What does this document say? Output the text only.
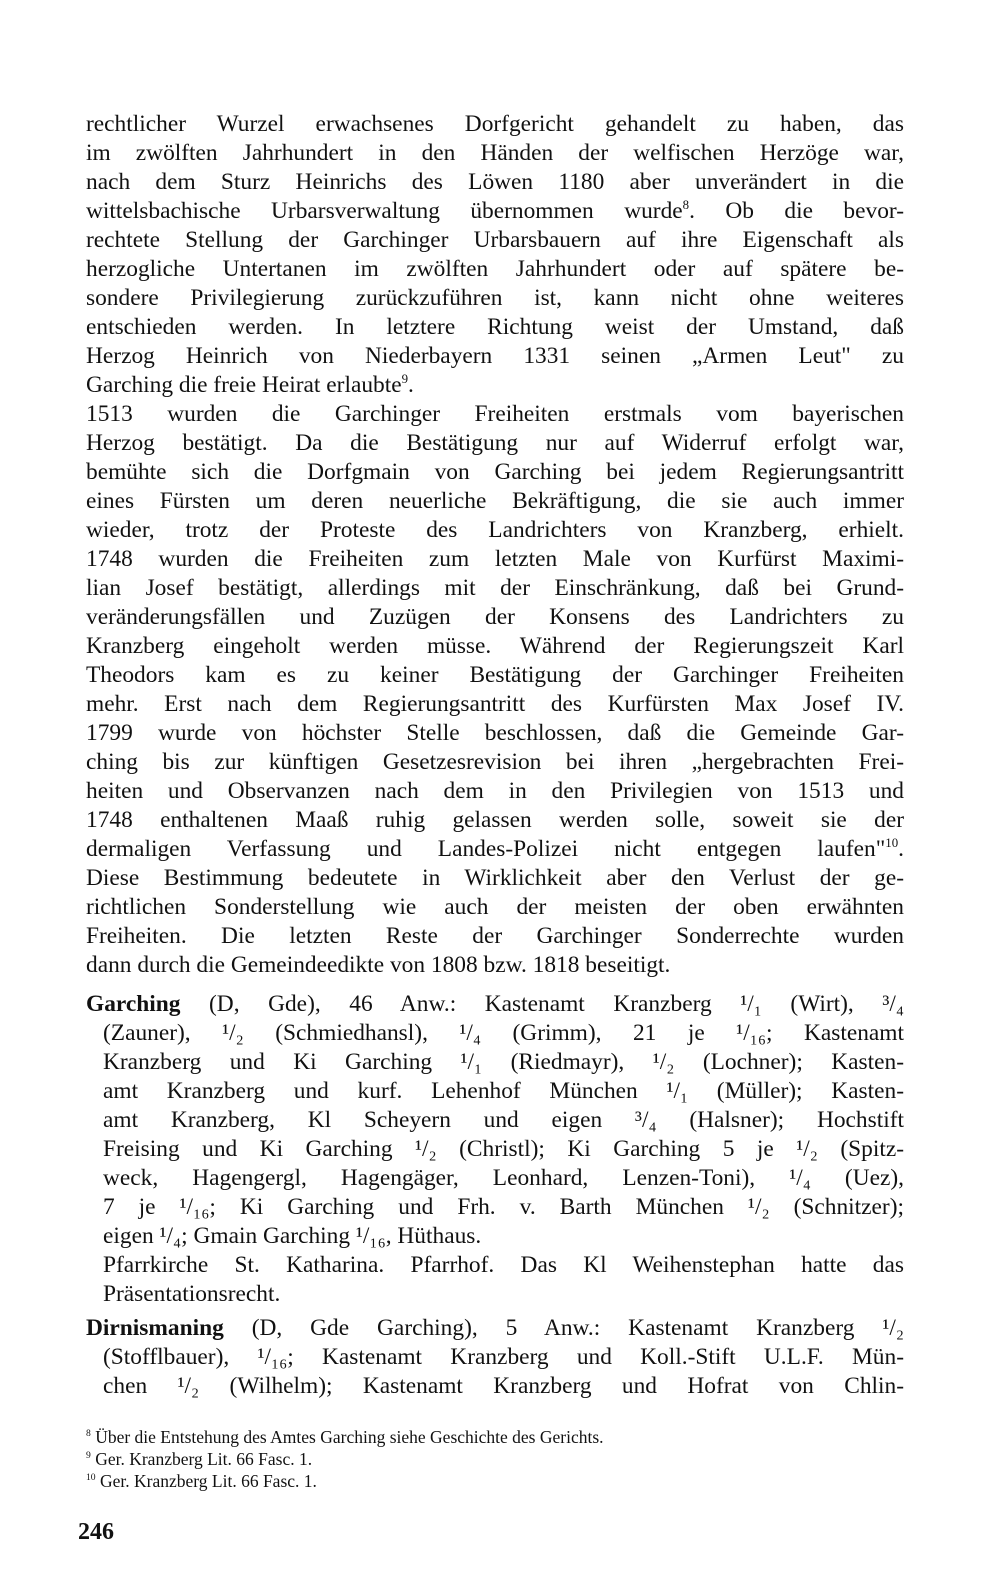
rechtlicher Wurzel erwachsenes Dorfgericht gehandelt zu haben, das
im zwölften Jahrhundert in den Händen der welfischen Herzöge war,
nach dem Sturz Heinrichs des Löwen 1180 aber unverändert in die
wittelsbachische Urbarsverwaltung übernommen wurde$^8$. Ob die bevor-
rechtete Stellung der Garchinger Urbarsbauern auf ihre Eigenschaft als
herzogliche Untertanen im zwölften Jahrhundert oder auf spätere be-
sondere Privilegierung zurückzuführen ist, kann nicht ohne weiteres
entschieden werden. In letztere Richtung weist der Umstand, daß
Herzog Heinrich von Niederbayern 1331 seinen „Armen Leut" zu
Garching die freie Heirat erlaubte$^9$.
1513 wurden die Garchinger Freiheiten erstmals vom bayerischen
Herzog bestätigt. Da die Bestätigung nur auf Widerruf erfolgt war,
bemühte sich die Dorfgmain von Garching bei jedem Regierungsantritt
eines Fürsten um deren neuerliche Bekräftigung, die sie auch immer
wieder, trotz der Proteste des Landrichters von Kranzberg, erhielt.
1748 wurden die Freiheiten zum letzten Male von Kurfürst Maximi-
lian Josef bestätigt, allerdings mit der Einschränkung, daß bei Grund-
veränderungsfällen und Zuzügen der Konsens des Landrichters zu
Kranzberg eingeholt werden müsse. Während der Regierungszeit Karl
Theodors kam es zu keiner Bestätigung der Garchinger Freiheiten
mehr. Erst nach dem Regierungsantritt des Kurfürsten Max Josef IV.
1799 wurde von höchster Stelle beschlossen, daß die Gemeinde Gar-
ching bis zur künftigen Gesetzesrevision bei ihren „hergebrachten Frei-
heiten und Observanzen nach dem in den Privilegien von 1513 und
1748 enthaltenen Maaß ruhig gelassen werden solle, soweit sie der
dermaligen Verfassung und Landes-Polizei nicht entgegen laufen"$^{10}$.
Diese Bestimmung bedeutete in Wirklichkeit aber den Verlust der ge-
richtlichen Sonderstellung wie auch der meisten der oben erwähnten
Freiheiten. Die letzten Reste der Garchinger Sonderrechte wurden
dann durch die Gemeindeedikte von 1808 bzw. 1818 beseitigt.
Garching (D, Gde), 46 Anw.: Kastenamt Kranzberg ¹/₁ (Wirt), ³/₄
(Zauner), ¹/₂ (Schmiedhansl), ¹/₄ (Grimm), 21 je ¹/₁₆; Kastenamt
Kranzberg und Ki Garching ¹/₁ (Riedmayr), ¹/₂ (Lochner); Kasten-
amt Kranzberg und kurf. Lehenhof München ¹/₁ (Müller); Kasten-
amt Kranzberg, Kl Scheyern und eigen ³/₄ (Halsner); Hochstift
Freising und Ki Garching ¹/₂ (Christl); Ki Garching 5 je ¹/₂ (Spitz-
weck, Hagengergl, Hagengäger, Leonhard, Lenzen-Toni), ¹/₄ (Uez),
7 je ¹/₁₆; Ki Garching und Frh. v. Barth München ¹/₂ (Schnitzer);
eigen ¹/₄; Gmain Garching ¹/₁₆, Hüthaus.
Pfarrkirche St. Katharina. Pfarrhof. Das Kl Weihenstephan hatte das
Präsentationsrecht.
Dirnismaning (D, Gde Garching), 5 Anw.: Kastenamt Kranzberg ¹/₂
(Stofflbauer), ¹/₁₆; Kastenamt Kranzberg und Koll.-Stift U.L.F. Mün-
chen ¹/₂ (Wilhelm); Kastenamt Kranzberg und Hofrat von Chlin-
$^8$ Über die Entstehung des Amtes Garching siehe Geschichte des Gerichts.
$^9$ Ger. Kranzberg Lit. 66 Fasc. 1.
$^{10}$ Ger. Kranzberg Lit. 66 Fasc. 1.
246
